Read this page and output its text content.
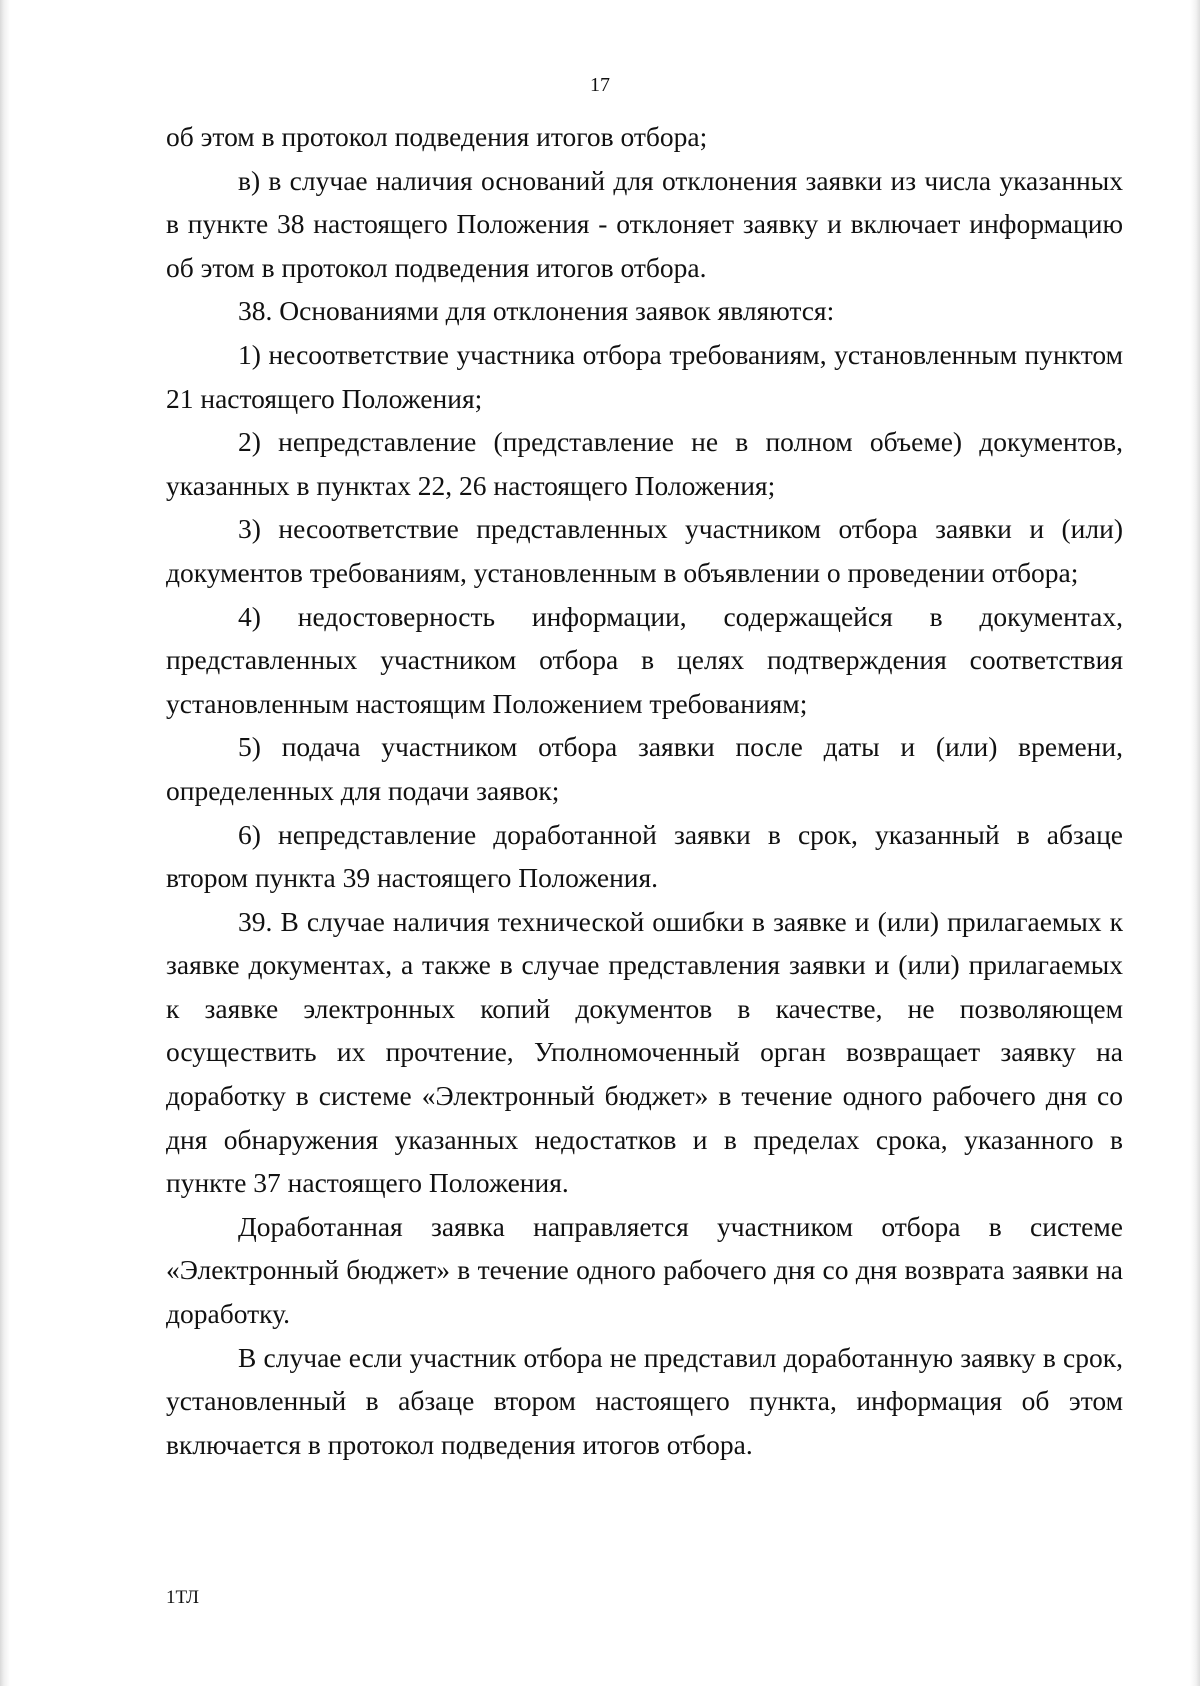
17

об этом в протокол подведения итогов отбора;

в) в случае наличия оснований для отклонения заявки из числа указанных в пункте 38 настоящего Положения - отклоняет заявку и включает информацию об этом в протокол подведения итогов отбора.

38. Основаниями для отклонения заявок являются:

1) несоответствие участника отбора требованиям, установленным пунктом 21 настоящего Положения;

2) непредставление (представление не в полном объеме) документов, указанных в пунктах 22, 26 настоящего Положения;

3) несоответствие представленных участником отбора заявки и (или) документов требованиям, установленным в объявлении о проведении отбора;

4) недостоверность информации, содержащейся в документах, представленных участником отбора в целях подтверждения соответствия установленным настоящим Положением требованиям;

5) подача участником отбора заявки после даты и (или) времени, определенных для подачи заявок;

6) непредставление доработанной заявки в срок, указанный в абзаце втором пункта 39 настоящего Положения.

39. В случае наличия технической ошибки в заявке и (или) прилагаемых к заявке документах, а также в случае представления заявки и (или) прилагаемых к заявке электронных копий документов в качестве, не позволяющем осуществить их прочтение, Уполномоченный орган возвращает заявку на доработку в системе «Электронный бюджет» в течение одного рабочего дня со дня обнаружения указанных недостатков и в пределах срока, указанного в пункте 37 настоящего Положения.

Доработанная заявка направляется участником отбора в системе «Электронный бюджет» в течение одного рабочего дня со дня возврата заявки на доработку.

В случае если участник отбора не представил доработанную заявку в срок, установленный в абзаце втором настоящего пункта, информация об этом включается в протокол подведения итогов отбора.

1ТЛ
